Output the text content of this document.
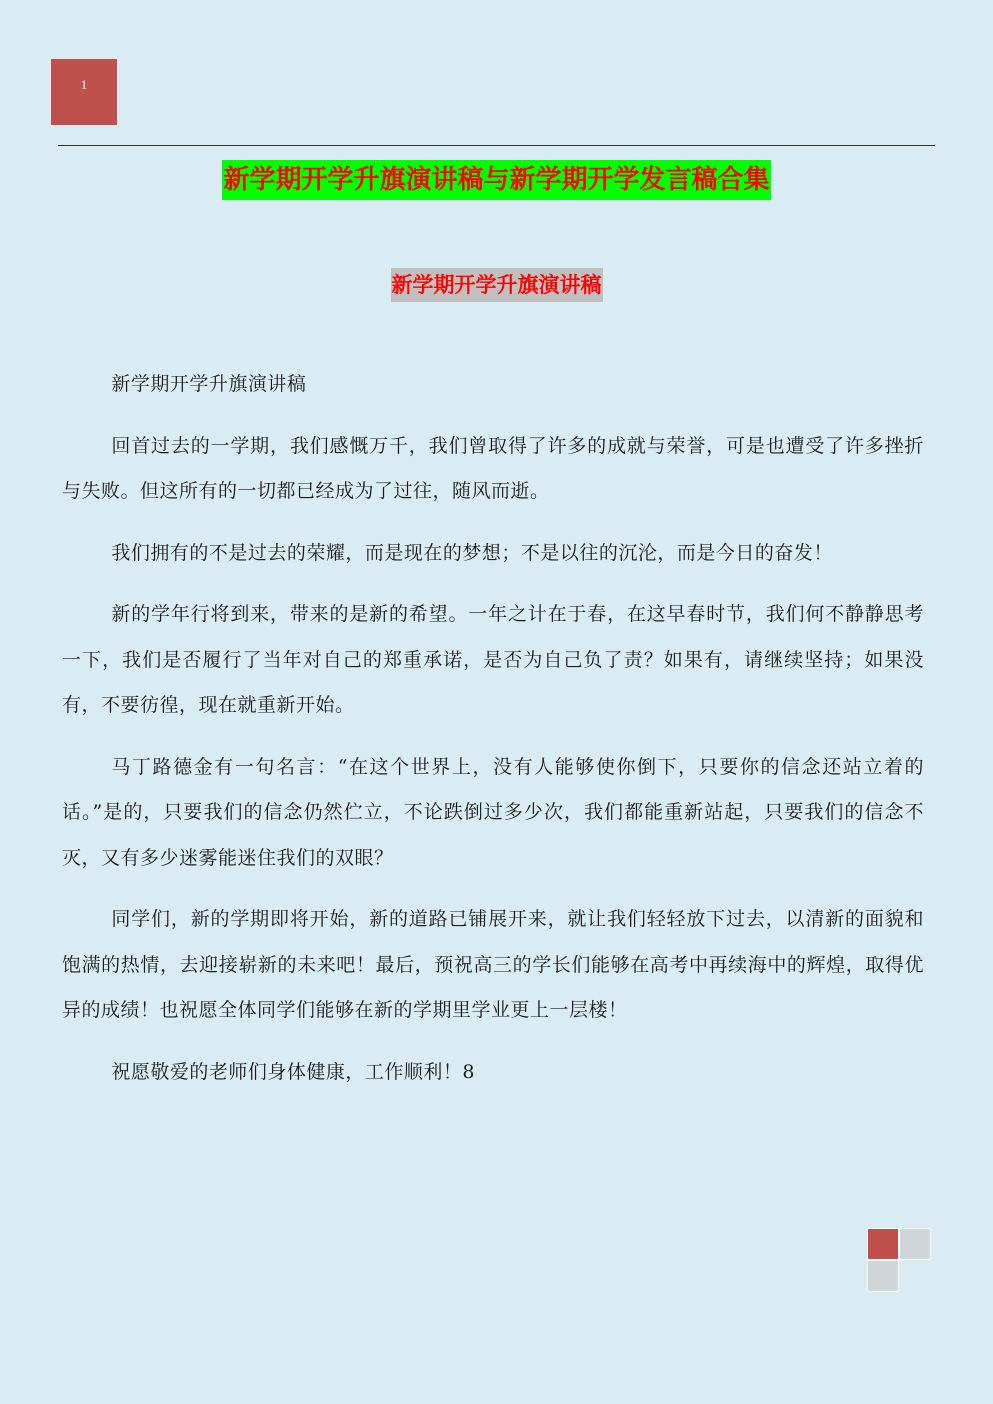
1
新学期开学升旗演讲稿与新学期开学发言稿合集
新学期开学升旗演讲稿

新学期开学升旗演讲稿

回首过去的一学期，我们感慨万千，我们曾取得了许多的成就与荣誉，可是也遭受了许多挫折与失败。但这所有的一切都已经成为了过往，随风而逝。

我们拥有的不是过去的荣耀，而是现在的梦想；不是以往的沉沦，而是今日的奋发！

新的学年行将到来，带来的是新的希望。一年之计在于春，在这早春时节，我们何不静静思考一下，我们是否履行了当年对自己的郑重承诺，是否为自己负了责？如果有，请继续坚持；如果没有，不要彷徨，现在就重新开始。

马丁路德金有一句名言：“在这个世界上，没有人能够使你倒下，只要你的信念还站立着的话。”是的，只要我们的信念仍然伫立，不论跌倒过多少次，我们都能重新站起，只要我们的信念不灭，又有多少迷雾能迷住我们的双眼？

同学们，新的学期即将开始，新的道路已铺展开来，就让我们轻轻放下过去，以清新的面貌和饱满的热情，去迎接崭新的未来吧！最后，预祝高三的学长们能够在高考中再续海中的辉煌，取得优异的成绩！也祝愿全体同学们能够在新的学期里学业更上一层楼！

祝愿敬爱的老师们身体健康，工作顺利！8
